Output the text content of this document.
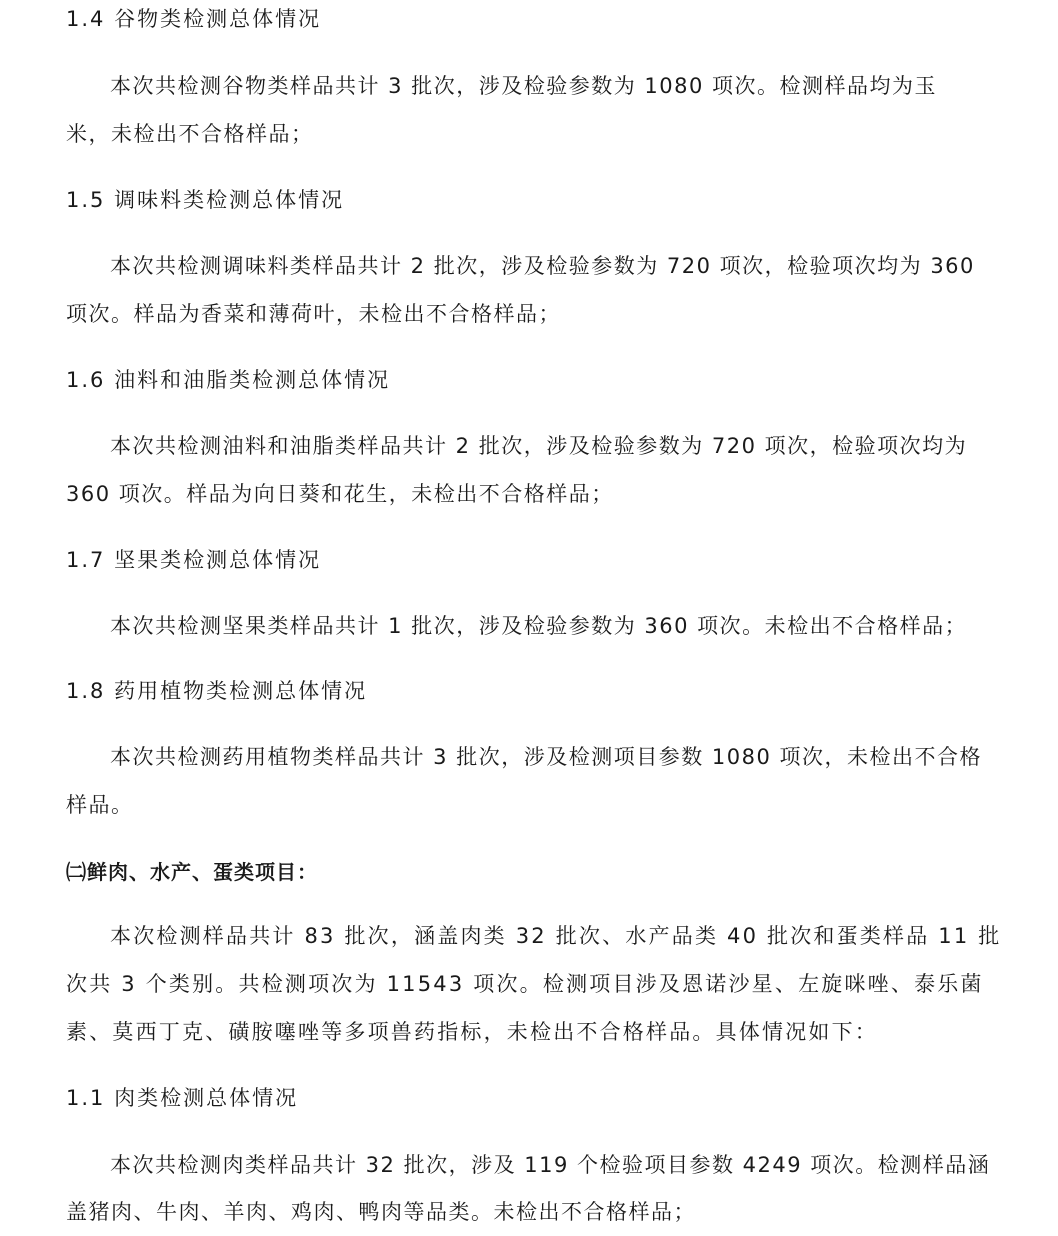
1.4 谷物类检测总体情况
本次共检测谷物类样品共计 3 批次，涉及检验参数为 1080 项次。检测样品均为玉
米，未检出不合格样品；
1.5 调味料类检测总体情况
本次共检测调味料类样品共计 2 批次，涉及检验参数为 720 项次，检验项次均为 360
项次。样品为香菜和薄荷叶，未检出不合格样品；
1.6 油料和油脂类检测总体情况
本次共检测油料和油脂类样品共计 2 批次，涉及检验参数为 720 项次，检验项次均为
360 项次。样品为向日葵和花生，未检出不合格样品；
1.7 坚果类检测总体情况
本次共检测坚果类样品共计 1 批次，涉及检验参数为 360 项次。未检出不合格样品；
1.8 药用植物类检测总体情况
本次共检测药用植物类样品共计 3 批次，涉及检测项目参数 1080 项次，未检出不合格
样品。
㈡鲜肉、水产、蛋类项目：
本次检测样品共计 83 批次，涵盖肉类 32 批次、水产品类 40 批次和蛋类样品 11 批
次共 3 个类别。共检测项次为 11543 项次。检测项目涉及恩诺沙星、左旋咪唑、泰乐菌
素、莫西丁克、磺胺噻唑等多项兽药指标，未检出不合格样品。具体情况如下：
1.1 肉类检测总体情况
本次共检测肉类样品共计 32 批次，涉及 119 个检验项目参数 4249 项次。检测样品涵
盖猪肉、牛肉、羊肉、鸡肉、鸭肉等品类。未检出不合格样品；
